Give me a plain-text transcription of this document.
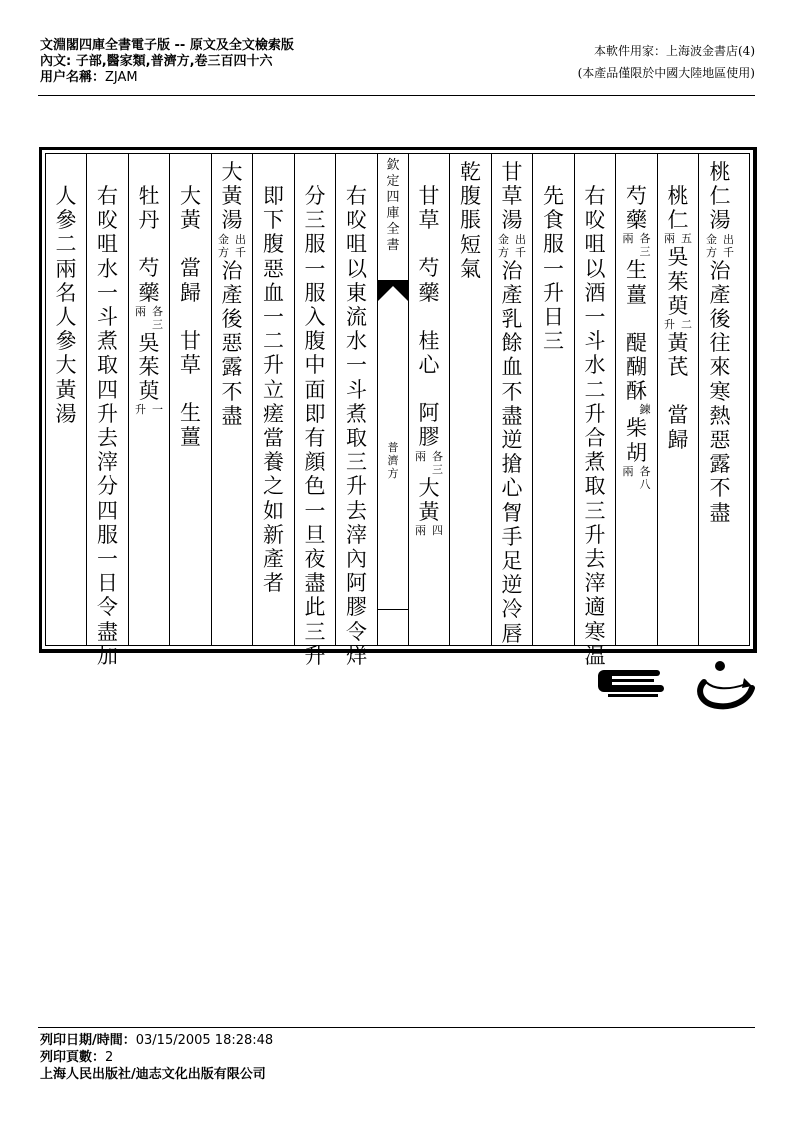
文淵閣四庫全書電子版 -- 原文及全文檢索版
內文: 子部,醫家類,普濟方,卷三百四十六
用户名稱：ZJAM
本軟件用家：上海波金書店(4)
(本產品僅限於中國大陸地區使用)
人
參
二
兩
名
人
參
大
黃
湯
右
㕮
咀
水
一
斗
煮
取
四
升
去
滓
分
四
服
一
日
令
盡
加
牡
丹
芍
藥
各
三
兩
吳
茱
萸
一
升
大
黃
當
歸
甘
草
生
薑
大
黃
湯
出
千
金
方
治
產
後
惡
露
不
盡
即
下
腹
惡
血
一
二
升
立
瘥
當
養
之
如
新
產
者
分
三
服
一
服
入
腹
中
面
即
有
顔
色
一
旦
夜
盡
此
三
升
右
㕮
咀
以
東
流
水
一
斗
煮
取
三
升
去
滓
內
阿
膠
令
烊
欽
定
四
庫
全
書
普
濟
方
甘
草
芍
藥
桂
心
阿
膠
各
三
兩
大
黃
四
兩
乾
腹
脹
短
氣
甘
草
湯
出
千
金
方
治
產
乳
餘
血
不
盡
逆
搶
心
胷
手
足
逆
冷
唇
先
食
服
一
升
日
三
右
㕮
咀
以
酒
一
斗
水
二
升
合
煮
取
三
升
去
滓
適
寒
温
芍
藥
各
三
兩
生
薑
醍
醐
酥
鍊
柴
胡
各
八
兩
桃
仁
五
兩
吳
茱
萸
二
升
黃
芪
當
歸
桃
仁
湯
出
千
金
方
治
產
後
往
來
寒
熱
惡
露
不
盡
列印日期/時間：03/15/2005 18:28:48
列印頁數：2
上海人民出版社/迪志文化出版有限公司
